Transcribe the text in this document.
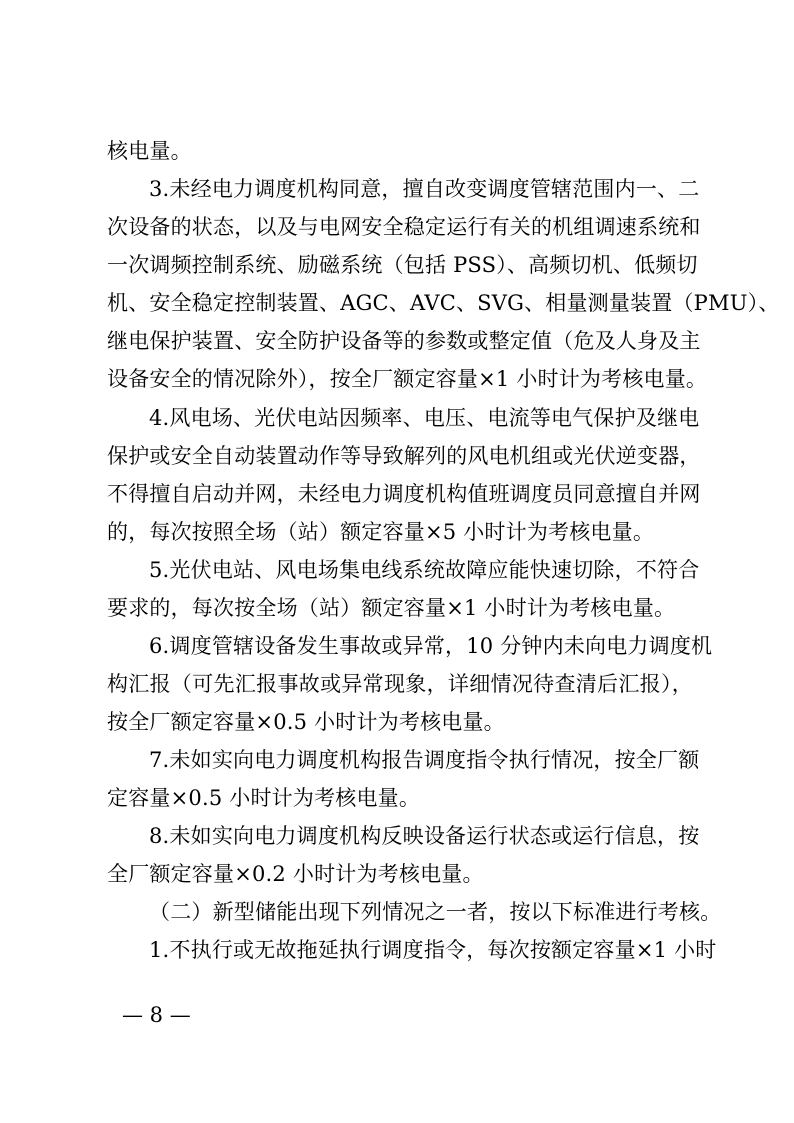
核电量。
3.未经电力调度机构同意，擅自改变调度管辖范围内一、二
次设备的状态，以及与电网安全稳定运行有关的机组调速系统和
一次调频控制系统、励磁系统（包括 PSS）、高频切机、低频切
机、安全稳定控制装置、AGC、AVC、SVG、相量测量装置（PMU）、
继电保护装置、安全防护设备等的参数或整定值（危及人身及主
设备安全的情况除外），按全厂额定容量×1 小时计为考核电量。
4.风电场、光伏电站因频率、电压、电流等电气保护及继电
保护或安全自动装置动作等导致解列的风电机组或光伏逆变器，
不得擅自启动并网，未经电力调度机构值班调度员同意擅自并网
的，每次按照全场（站）额定容量×5 小时计为考核电量。
5.光伏电站、风电场集电线系统故障应能快速切除，不符合
要求的，每次按全场（站）额定容量×1 小时计为考核电量。
6.调度管辖设备发生事故或异常，10 分钟内未向电力调度机
构汇报（可先汇报事故或异常现象，详细情况待查清后汇报），
按全厂额定容量×0.5 小时计为考核电量。
7.未如实向电力调度机构报告调度指令执行情况，按全厂额
定容量×0.5 小时计为考核电量。
8.未如实向电力调度机构反映设备运行状态或运行信息，按
全厂额定容量×0.2 小时计为考核电量。
（二）新型储能出现下列情况之一者，按以下标准进行考核。
1.不执行或无故拖延执行调度指令，每次按额定容量×1 小时
— 8 —
